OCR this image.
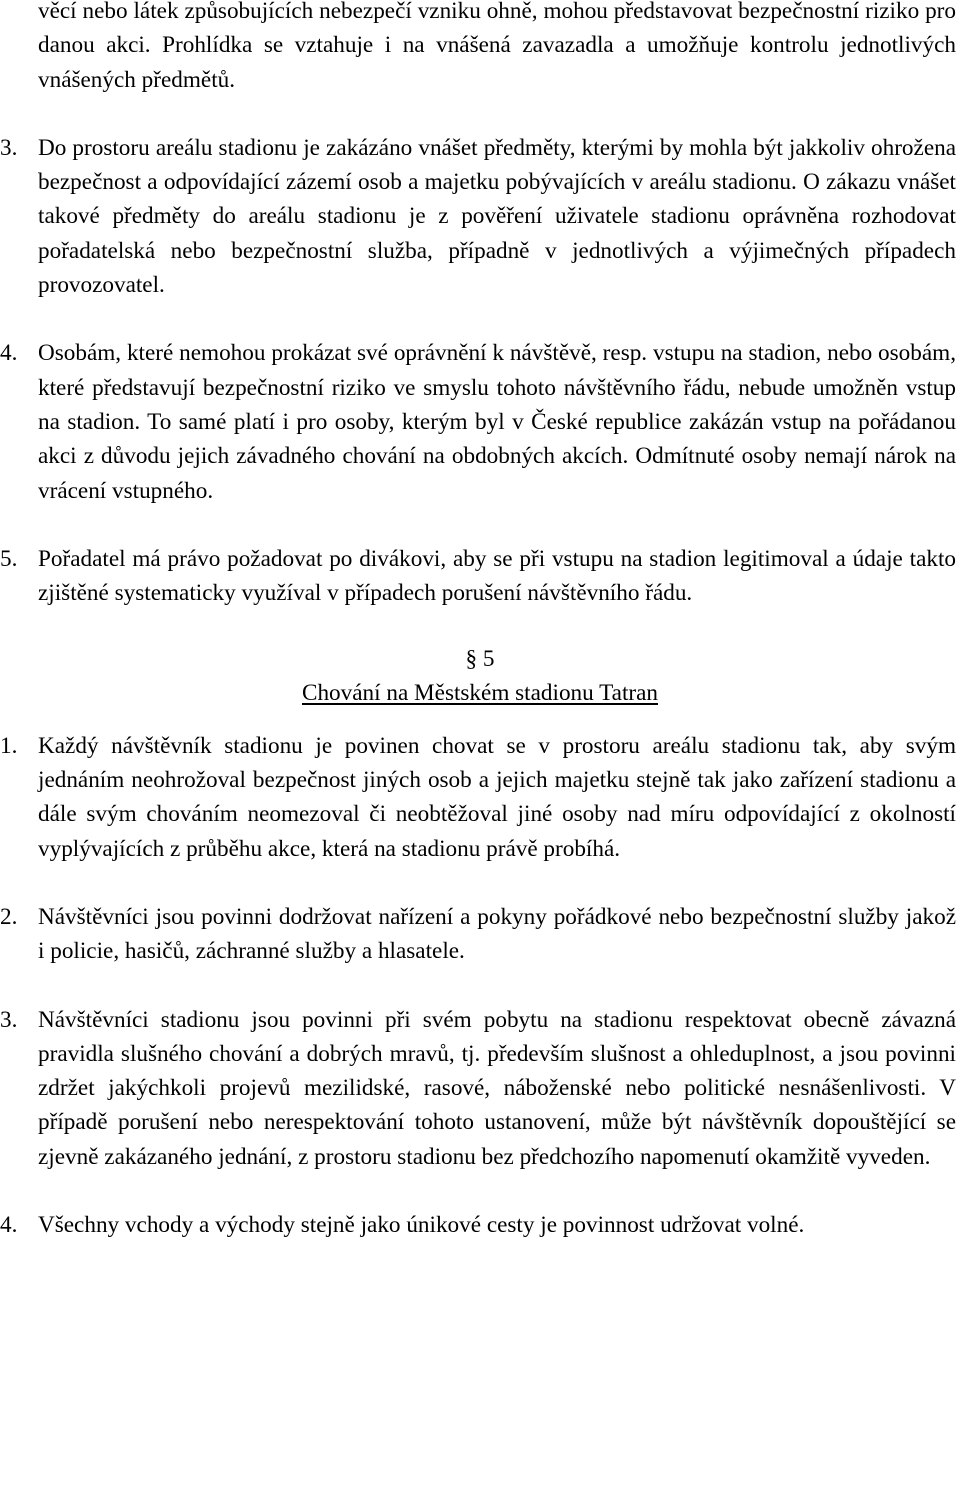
věcí nebo látek způsobujících nebezpečí vzniku ohně, mohou představovat bezpečnostní riziko pro danou akci. Prohlídka se vztahuje i na vnášená zavazadla a umožňuje kontrolu jednotlivých vnášených předmětů.

3. Do prostoru areálu stadionu je zakázáno vnášet předměty, kterými by mohla být jakkoliv ohrožena bezpečnost a odpovídající zázemí osob a majetku pobývajících v areálu stadionu. O zákazu vnášet takové předměty do areálu stadionu je z pověření uživatele stadionu oprávněna rozhodovat pořadatelská nebo bezpečnostní služba, případně v jednotlivých a výjimečných případech provozovatel.
4. Osobám, které nemohou prokázat své oprávnění k návštěvě, resp. vstupu na stadion, nebo osobám, které představují bezpečnostní riziko ve smyslu tohoto návštěvního řádu, nebude umožněn vstup na stadion. To samé platí i pro osoby, kterým byl v České republice zakázán vstup na pořádanou akci z důvodu jejich závadného chování na obdobných akcích. Odmítnuté osoby nemají nárok na vrácení vstupného.
5. Pořadatel má právo požadovat po divákovi, aby se při vstupu na stadion legitimoval a údaje takto zjištěné systematicky využíval v případech porušení návštěvního řádu.
§ 5
Chování na Městském stadionu Tatran
1. Každý návštěvník stadionu je povinen chovat se v prostoru areálu stadionu tak, aby svým jednáním neohrožoval bezpečnost jiných osob a jejich majetku stejně tak jako zařízení stadionu a dále svým chováním neomezoval či neobtěžoval jiné osoby nad míru odpovídající z okolností vyplývajících z průběhu akce, která na stadionu právě probíhá.
2. Návštěvníci jsou povinni dodržovat nařízení a pokyny pořádkové nebo bezpečnostní služby jakož i policie, hasičů, záchranné služby a hlasatele.
3. Návštěvníci stadionu jsou povinni při svém pobytu na stadionu respektovat obecně závazná pravidla slušného chování a dobrých mravů, tj. především slušnost a ohleduplnost, a jsou povinni zdržet jakýchkoli projevů mezilidské, rasové, náboženské nebo politické nesnášenlivosti. V případě porušení nebo nerespektování tohoto ustanovení, může být návštěvník dopouštějící se zjevně zakázaného jednání, z prostoru stadionu bez předchozího napomenutí okamžitě vyveden.
4. Všechny vchody a východy stejně jako únikové cesty je povinnost udržovat volné.
